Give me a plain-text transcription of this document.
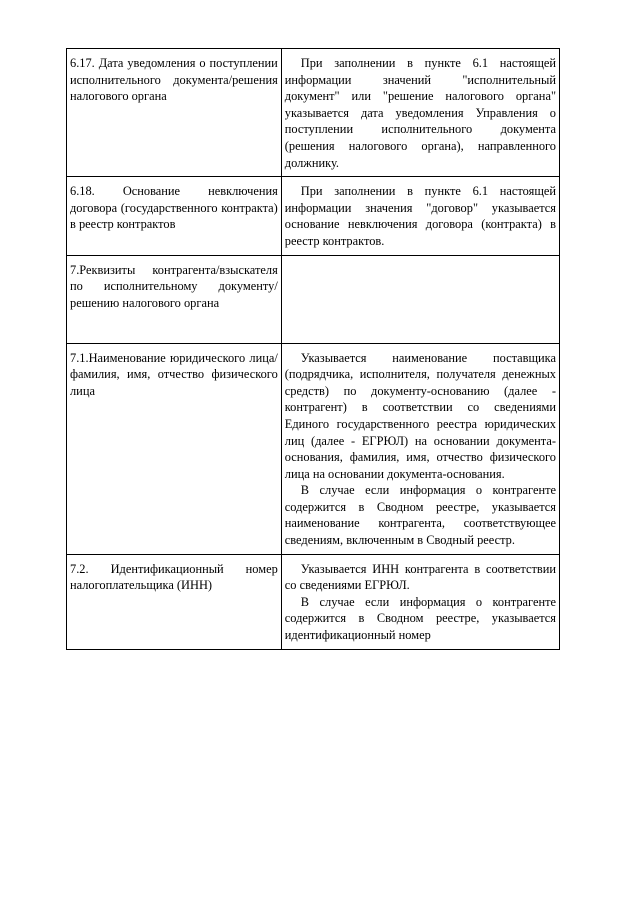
6.17. Дата уведомления о поступлении исполнительного документа/решения налогового органа	При заполнении в пункте 6.1 настоящей информации значений "исполнительный документ" или "решение налогового органа" указывается дата уведомления Управления о поступлении исполнительного документа (решения налогового органа), направленного должнику.

6.18. Основание невключения договора (государственного контракта) в реестр контрактов	При заполнении в пункте 6.1 настоящей информации значения "договор" указывается основание невключения договора (контракта) в реестр контрактов.

7.Реквизиты контрагента/взыскателя по исполнительному документу/решению налогового органа	

7.1.Наименование юридического лица/фамилия, имя, отчество физического лица	Указывается наименование поставщика (подрядчика, исполнителя, получателя денежных средств) по документу-основанию (далее - контрагент) в соответствии со сведениями Единого государственного реестра юридических лиц (далее - ЕГРЮЛ) на основании документа-основания, фамилия, имя, отчество физического лица на основании документа-основания.
В случае если информация о контрагенте содержится в Сводном реестре, указывается наименование контрагента, соответствующее сведениям, включенным в Сводный реестр.

7.2. Идентификационный номер налогоплательщика (ИНН)	Указывается ИНН контрагента в соответствии со сведениями ЕГРЮЛ.
В случае если информация о контрагенте содержится в Сводном реестре, указывается идентификационный номер
